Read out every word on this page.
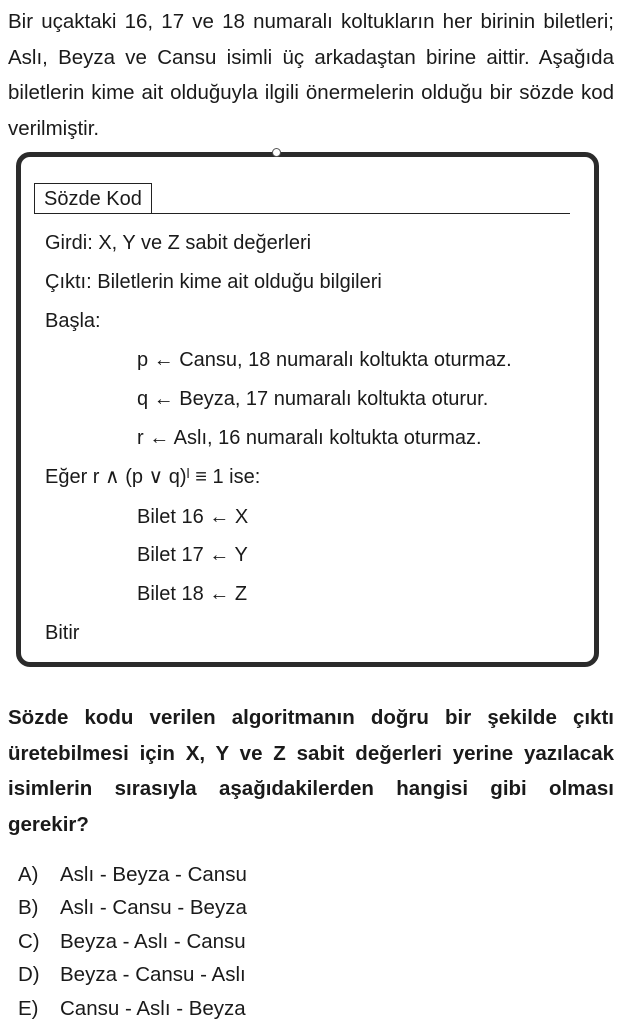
Bir uçaktaki 16, 17 ve 18 numaralı koltukların her birinin biletleri; Aslı, Beyza ve Cansu isimli üç arkadaştan birine aittir. Aşağıda biletlerin kime ait olduğuyla ilgili önermelerin olduğu bir sözde kod verilmiştir.
Sözde Kod
Girdi: X, Y ve Z sabit değerleri
Çıktı: Biletlerin kime ait olduğu bilgileri
Başla:
p ← Cansu, 18 numaralı koltukta oturmaz.
q ← Beyza, 17 numaralı koltukta oturur.
r ← Aslı, 16 numaralı koltukta oturmaz.
Eğer r ∧ (p ∨ q)ˡ ≡ 1 ise:
Bilet 16 ← X
Bilet 17 ← Y
Bilet 18 ← Z
Bitir
Sözde kodu verilen algoritmanın doğru bir şekilde çıktı üretebilmesi için X, Y ve Z sabit değerleri yerine yazılacak isimlerin sırasıyla aşağıdakilerden hangisi gibi olması gerekir?
A) Aslı - Beyza - Cansu
B) Aslı - Cansu - Beyza
C) Beyza - Aslı - Cansu
D) Beyza - Cansu - Aslı
E) Cansu - Aslı - Beyza
